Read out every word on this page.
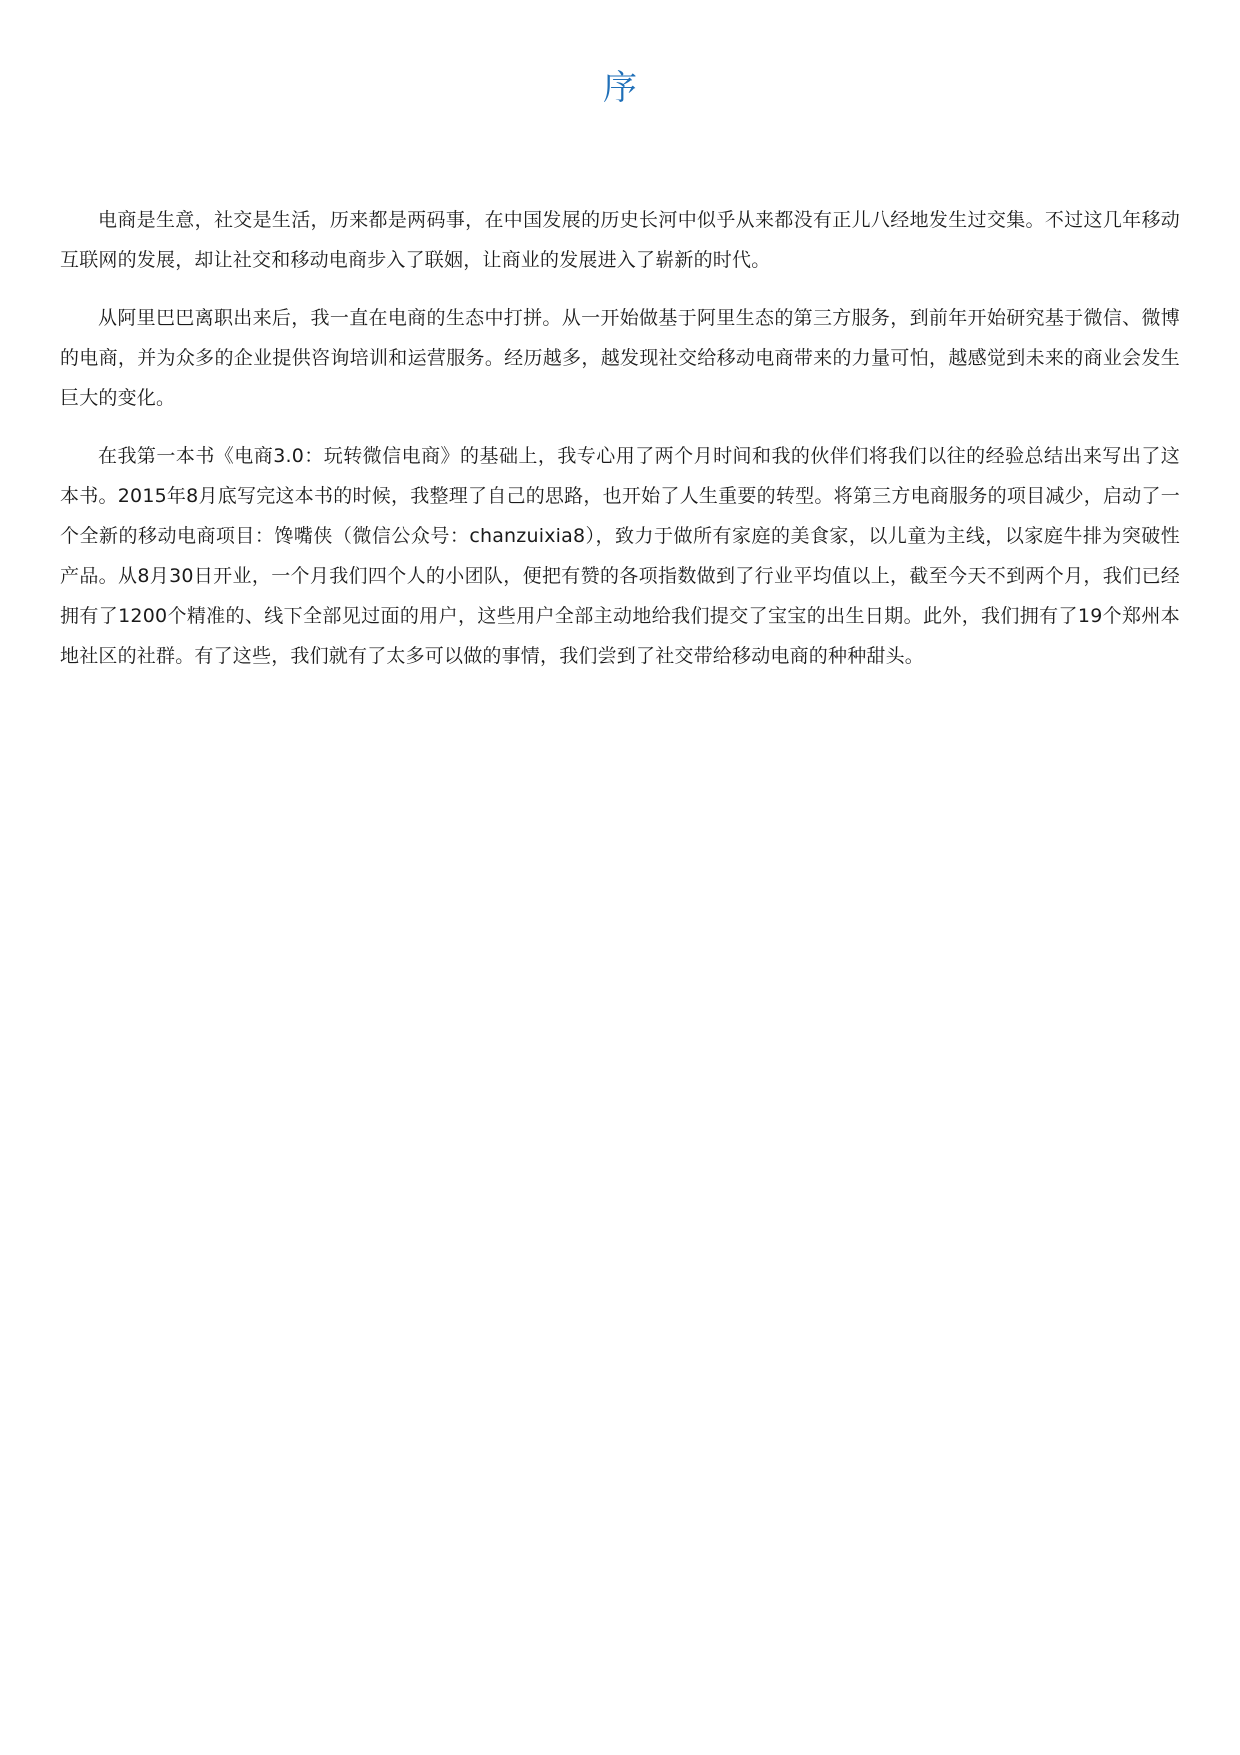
序

电商是生意，社交是生活，历来都是两码事，在中国发展的历史长河中似乎从来都没有正儿八经地发生过交集。不过这几年移动互联网的发展，却让社交和移动电商步入了联姻，让商业的发展进入了崭新的时代。

从阿里巴巴离职出来后，我一直在电商的生态中打拼。从一开始做基于阿里生态的第三方服务，到前年开始研究基于微信、微博的电商，并为众多的企业提供咨询培训和运营服务。经历越多，越发现社交给移动电商带来的力量可怕，越感觉到未来的商业会发生巨大的变化。

在我第一本书《电商3.0：玩转微信电商》的基础上，我专心用了两个月时间和我的伙伴们将我们以往的经验总结出来写出了这本书。2015年8月底写完这本书的时候，我整理了自己的思路，也开始了人生重要的转型。将第三方电商服务的项目减少，启动了一个全新的移动电商项目：馋嘴侠（微信公众号：chanzuixia8），致力于做所有家庭的美食家，以儿童为主线，以家庭牛排为突破性产品。从8月30日开业，一个月我们四个人的小团队，便把有赞的各项指数做到了行业平均值以上，截至今天不到两个月，我们已经拥有了1200个精准的、线下全部见过面的用户，这些用户全部主动地给我们提交了宝宝的出生日期。此外，我们拥有了19个郑州本地社区的社群。有了这些，我们就有了太多可以做的事情，我们尝到了社交带给移动电商的种种甜头。
